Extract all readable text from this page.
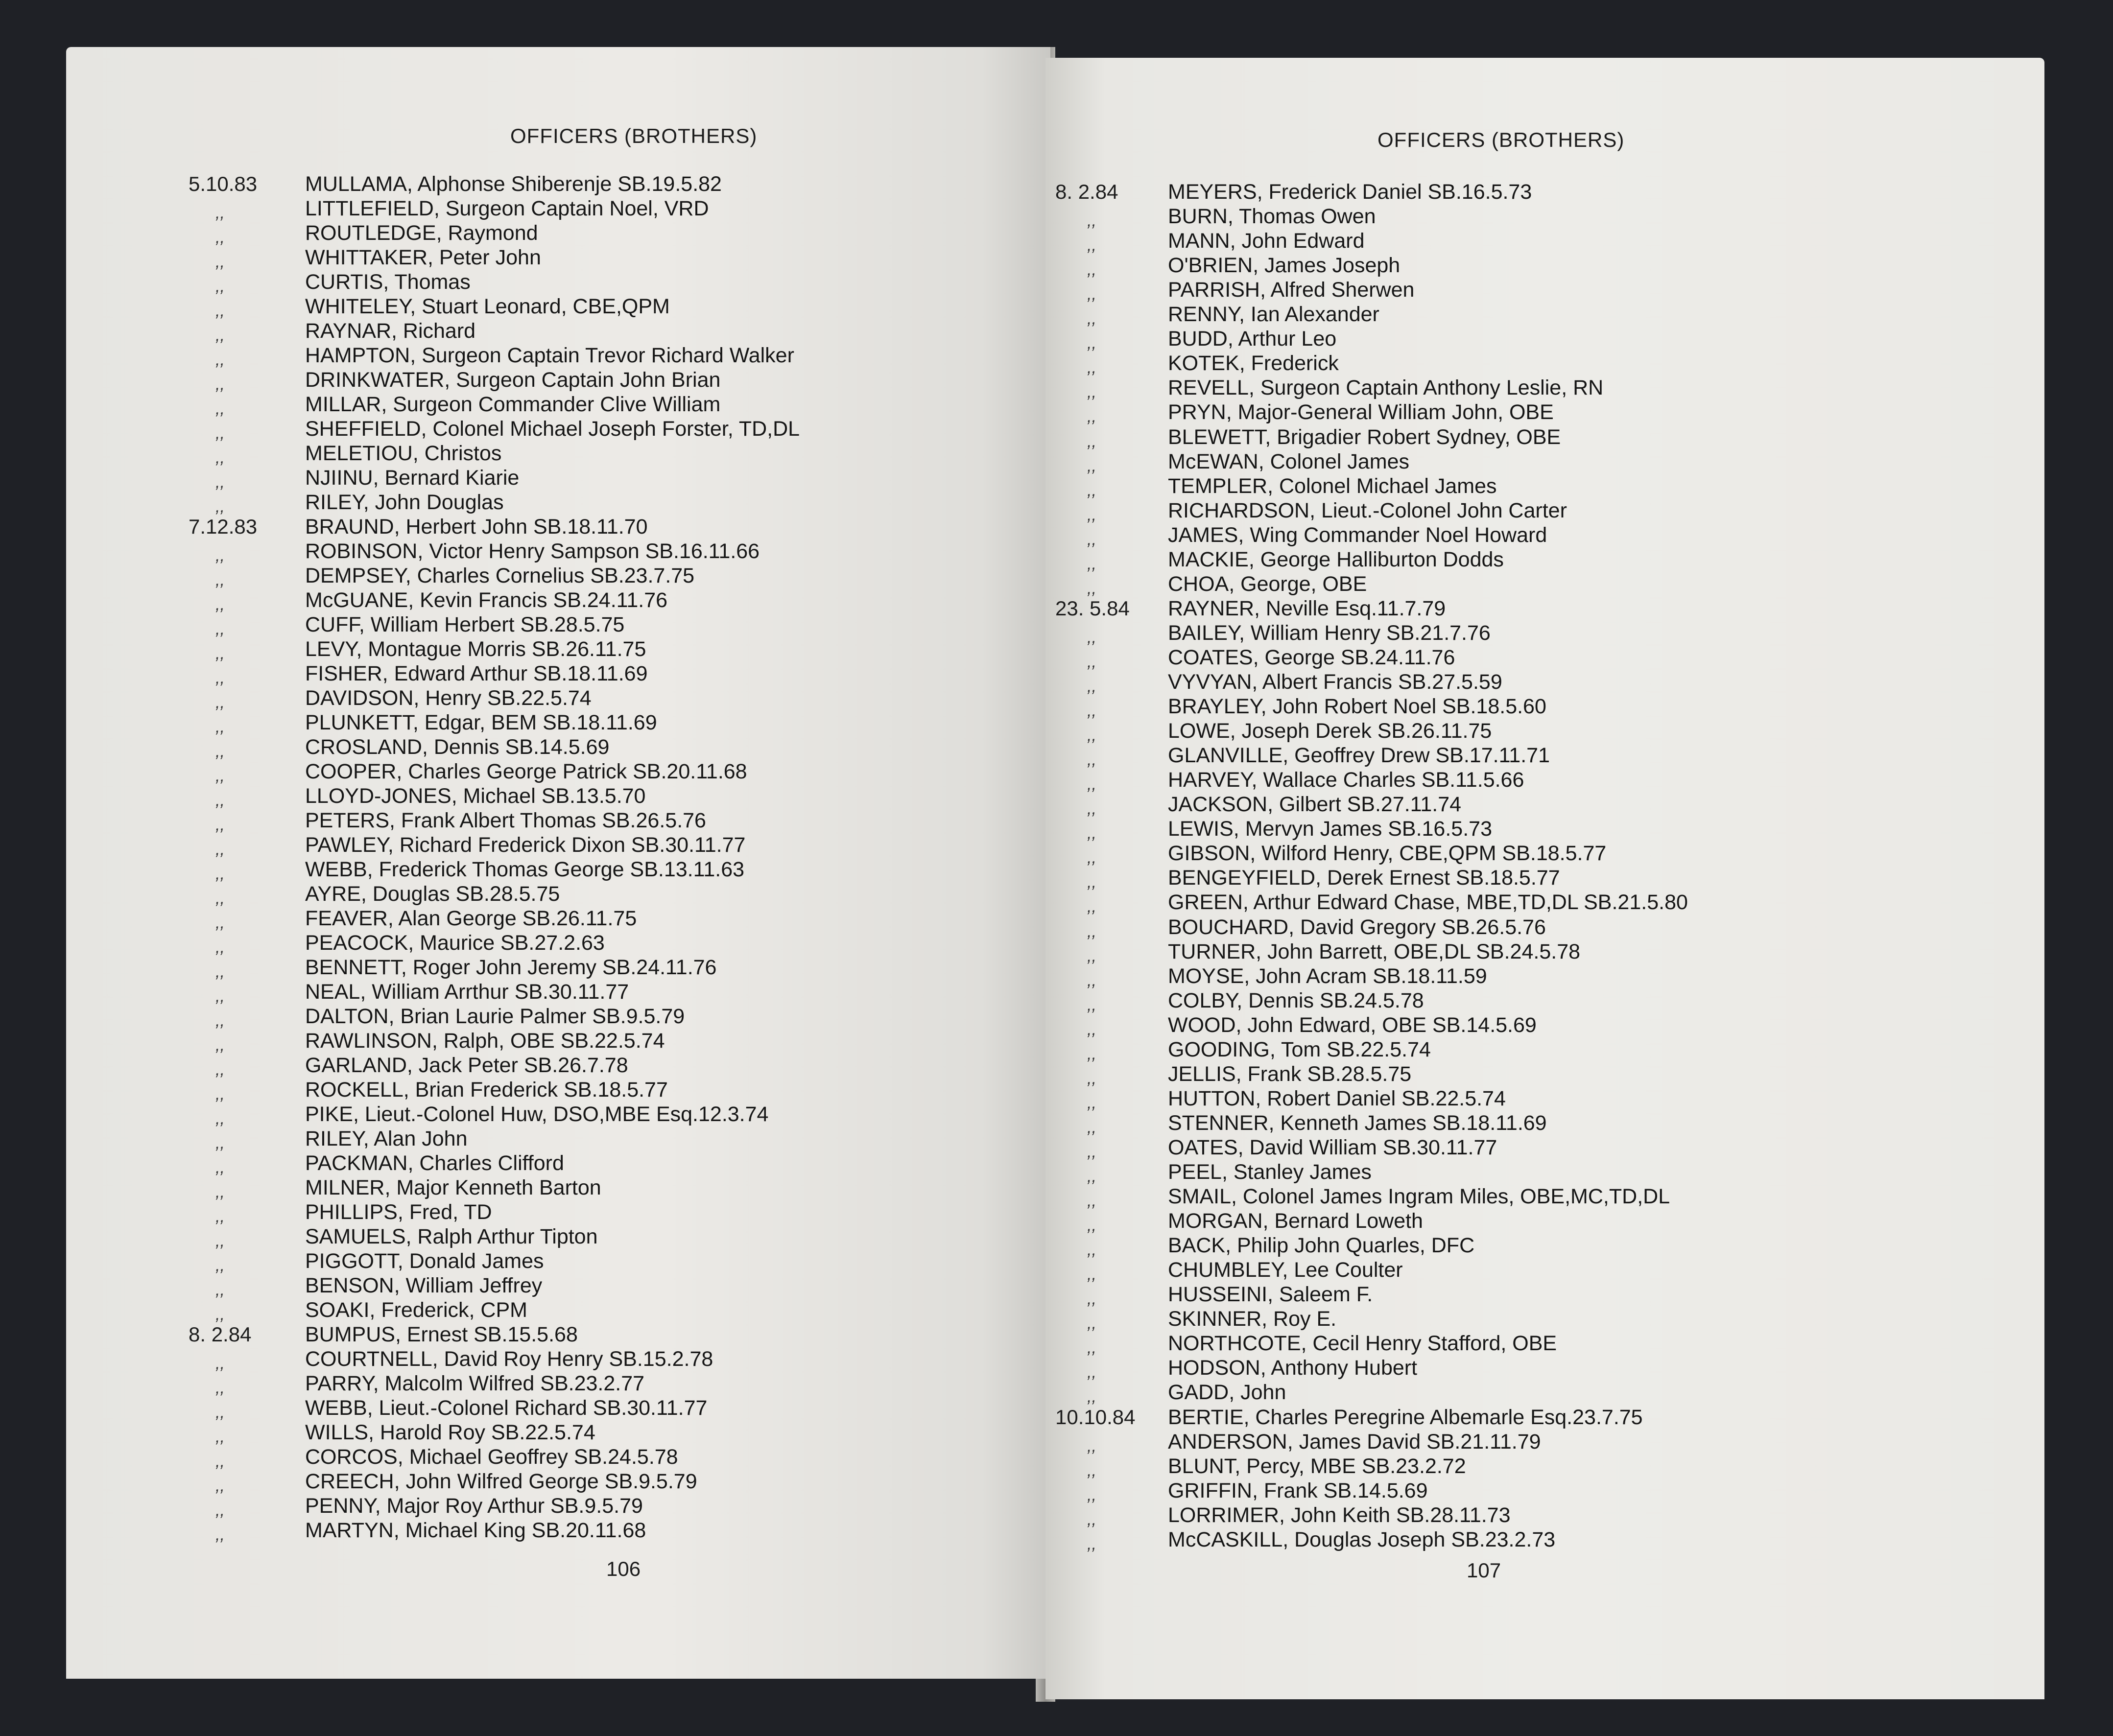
OFFICERS (BROTHERS)
5.10.83 MULLAMA, Alphonse Shiberenje SB.19.5.82
,,	LITTLEFIELD, Surgeon Captain Noel, VRD
,,	ROUTLEDGE, Raymond
,,	WHITTAKER, Peter John
,,	CURTIS, Thomas
,,	WHITELEY, Stuart Leonard, CBE,QPM
,,	RAYNAR, Richard
,,	HAMPTON, Surgeon Captain Trevor Richard Walker
,,	DRINKWATER, Surgeon Captain John Brian
,,	MILLAR, Surgeon Commander Clive William
,,	SHEFFIELD, Colonel Michael Joseph Forster, TD,DL
,,	MELETIOU, Christos
,,	NJIINU, Bernard Kiarie
,,	RILEY, John Douglas
7.12.83 BRAUND, Herbert John SB.18.11.70
,,	ROBINSON, Victor Henry Sampson SB.16.11.66
,,	DEMPSEY, Charles Cornelius SB.23.7.75
,,	McGUANE, Kevin Francis SB.24.11.76
,,	CUFF, William Herbert SB.28.5.75
,,	LEVY, Montague Morris SB.26.11.75
,,	FISHER, Edward Arthur SB.18.11.69
,,	DAVIDSON, Henry SB.22.5.74
,,	PLUNKETT, Edgar, BEM SB.18.11.69
,,	CROSLAND, Dennis SB.14.5.69
,,	COOPER, Charles George Patrick SB.20.11.68
,,	LLOYD-JONES, Michael SB.13.5.70
,,	PETERS, Frank Albert Thomas SB.26.5.76
,,	PAWLEY, Richard Frederick Dixon SB.30.11.77
,,	WEBB, Frederick Thomas George SB.13.11.63
,,	AYRE, Douglas SB.28.5.75
,,	FEAVER, Alan George SB.26.11.75
,,	PEACOCK, Maurice SB.27.2.63
,,	BENNETT, Roger John Jeremy SB.24.11.76
,,	NEAL, William Arrthur SB.30.11.77
,,	DALTON, Brian Laurie Palmer SB.9.5.79
,,	RAWLINSON, Ralph, OBE SB.22.5.74
,,	GARLAND, Jack Peter SB.26.7.78
,,	ROCKELL, Brian Frederick SB.18.5.77
,,	PIKE, Lieut.-Colonel Huw, DSO,MBE Esq.12.3.74
,,	RILEY, Alan John
,,	PACKMAN, Charles Clifford
,,	MILNER, Major Kenneth Barton
,,	PHILLIPS, Fred, TD
,,	SAMUELS, Ralph Arthur Tipton
,,	PIGGOTT, Donald James
,,	BENSON, William Jeffrey
,,	SOAKI, Frederick, CPM
8. 2.84	BUMPUS, Ernest SB.15.5.68
,,	COURTNELL, David Roy Henry SB.15.2.78
,,	PARRY, Malcolm Wilfred SB.23.2.77
,,	WEBB, Lieut.-Colonel Richard SB.30.11.77
,,	WILLS, Harold Roy SB.22.5.74
,,	CORCOS, Michael Geoffrey SB.24.5.78
,,	CREECH, John Wilfred George SB.9.5.79
,,	PENNY, Major Roy Arthur SB.9.5.79
,,	MARTYN, Michael King SB.20.11.68
106
OFFICERS (BROTHERS)
8. 2.84 MEYERS, Frederick Daniel SB.16.5.73
,,	BURN, Thomas Owen
,,	MANN, John Edward
,,	O'BRIEN, James Joseph
,,	PARRISH, Alfred Sherwen
,,	RENNY, Ian Alexander
,,	BUDD, Arthur Leo
,,	KOTEK, Frederick
,,	REVELL, Surgeon Captain Anthony Leslie, RN
,,	PRYN, Major-General William John, OBE
,,	BLEWETT, Brigadier Robert Sydney, OBE
,,	McEWAN, Colonel James
,,	TEMPLER, Colonel Michael James
,,	RICHARDSON, Lieut.-Colonel John Carter
,,	JAMES, Wing Commander Noel Howard
,,	MACKIE, George Halliburton Dodds
,,	CHOA, George, OBE
23. 5.84 RAYNER, Neville Esq.11.7.79
,,	BAILEY, William Henry SB.21.7.76
,,	COATES, George SB.24.11.76
,,	VYVYAN, Albert Francis SB.27.5.59
,,	BRAYLEY, John Robert Noel SB.18.5.60
,,	LOWE, Joseph Derek SB.26.11.75
,,	GLANVILLE, Geoffrey Drew SB.17.11.71
,,	HARVEY, Wallace Charles SB.11.5.66
,,	JACKSON, Gilbert SB.27.11.74
,,	LEWIS, Mervyn James SB.16.5.73
,,	GIBSON, Wilford Henry, CBE,QPM SB.18.5.77
,,	BENGEYFIELD, Derek Ernest SB.18.5.77
,,	GREEN, Arthur Edward Chase, MBE,TD,DL SB.21.5.80
,,	BOUCHARD, David Gregory SB.26.5.76
,,	TURNER, John Barrett, OBE,DL SB.24.5.78
,,	MOYSE, John Acram SB.18.11.59
,,	COLBY, Dennis SB.24.5.78
,,	WOOD, John Edward, OBE SB.14.5.69
,,	GOODING, Tom SB.22.5.74
,,	JELLIS, Frank SB.28.5.75
,,	HUTTON, Robert Daniel SB.22.5.74
,,	STENNER, Kenneth James SB.18.11.69
,,	OATES, David William SB.30.11.77
,,	PEEL, Stanley James
,,	SMAIL, Colonel James Ingram Miles, OBE,MC,TD,DL
,,	MORGAN, Bernard Loweth
,,	BACK, Philip John Quarles, DFC
,,	CHUMBLEY, Lee Coulter
,,	HUSSEINI, Saleem F.
,,	SKINNER, Roy E.
,,	NORTHCOTE, Cecil Henry Stafford, OBE
,,	HODSON, Anthony Hubert
,,	GADD, John
10.10.84 BERTIE, Charles Peregrine Albemarle Esq.23.7.75
,,	ANDERSON, James David SB.21.11.79
,,	BLUNT, Percy, MBE SB.23.2.72
,,	GRIFFIN, Frank SB.14.5.69
,,	LORRIMER, John Keith SB.28.11.73
,,	McCASKILL, Douglas Joseph SB.23.2.73
107
